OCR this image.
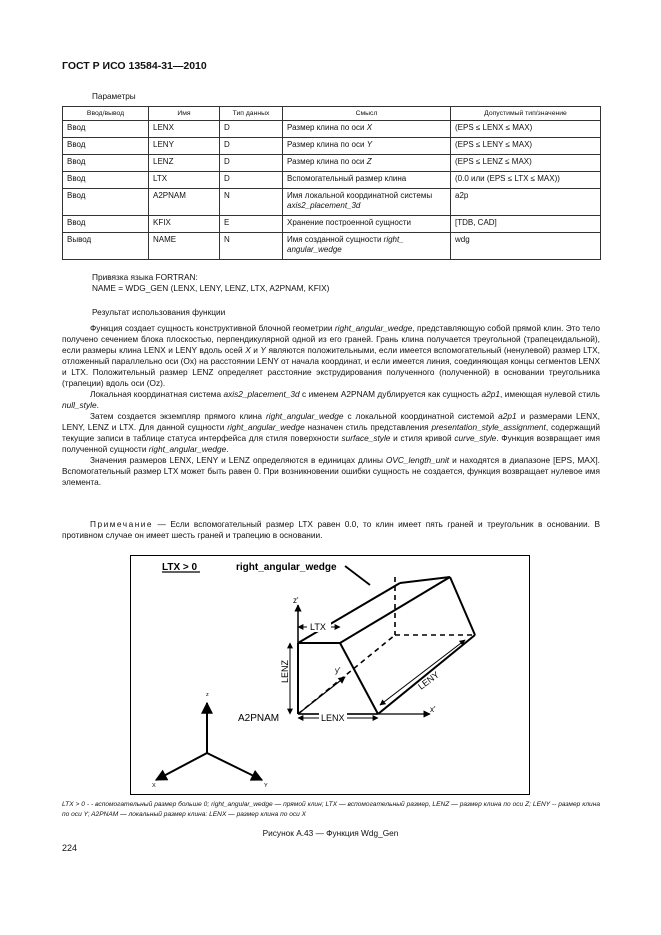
ГОСТ Р ИСО 13584-31—2010
Параметры
Ввод/вывод	Имя	Тип данных	Смысл	Допустимый тип/значение
Ввод	LENX	D	Размер клина по оси X	(EPS ≤ LENX ≤ MAX)
Ввод	LENY	D	Размер клина по оси Y	(EPS ≤ LENY ≤ MAX)
Ввод	LENZ	D	Размер клина по оси Z	(EPS ≤ LENZ ≤ MAX)
Ввод	LTX	D	Вспомогательный размер клина	(0.0 или (EPS ≤ LTX ≤ MAX))
Ввод	A2PNAM	N	Имя локальной координатной системы axis2_placement_3d	a2p
Ввод	KFIX	E	Хранение построенной сущности	[TDB, CAD]
Вывод	NAME	N	Имя созданной сущности right_ angular_wedge	wdg
Привязка языка FORTRAN:
NAME = WDG_GEN (LENX, LENY, LENZ, LTX, A2PNAM, KFIX)
Результат использования функции

Функция создает сущность конструктивной блочной геометрии right_angular_wedge, представляющую собой прямой клин. Это тело получено сечением блока плоскостью, перпендикулярной одной из его граней. Грань клина получается треугольной (трапецеидальной), если размеры клина LENX и LENY вдоль осей X и Y являются положительными, если имеется вспомогательный (ненулевой) размер LTX, отложенный параллельно оси (Ox) на расстоянии LENY от начала координат, и если имеется линия, соединяющая концы сегментов LENX и LTX. Положительный размер LENZ определяет расстояние экструдирования полученного (полученной) в основании треугольника (трапеции) вдоль оси (Oz).

Локальная координатная система axis2_placement_3d с именем A2PNAM дублируется как сущность a2p1, имеющая нулевой стиль null_style.

Затем создается экземпляр прямого клина right_angular_wedge с локальной координатной системой a2p1 и размерами LENX, LENY, LENZ и LTX. Для данной сущности right_angular_wedge назначен стиль представления presentation_style_assignment, содержащий текущие записи в таблице статуса интерфейса для стиля поверхности surface_style и стиля кривой curve_style. Функция возвращает имя полученной сущности right_angular_wedge.

Значения размеров LENX, LENY и LENZ определяются в единицах длины OVC_length_unit и находятся в диапазоне [EPS, MAX]. Вспомогательный размер LTX может быть равен 0. При возникновении ошибки сущность не создается, функция возвращает нулевое имя элемента.

Примечание — Если вспомогательный размер LTX равен 0.0, то клин имеет пять граней и треугольник в основании. В противном случае он имеет шесть граней и трапецию в основании.

LTX > 0	right_angular_wedge
z'
y'
x'
LTX
LENZ	LENY
LENX
A2PNAM
z
X	Y
LTX > 0 - - вспомогательный размер больше 0; right_angular_wedge — прямой клин; LTX — вспомогательный размер, LENZ — размер клина по оси Z; LENY -- размер клина по оси Y; A2PNAM — локальный размер клина: LENX — размер клина по оси X
Рисунок А.43 — Функция Wdg_Gen
224
